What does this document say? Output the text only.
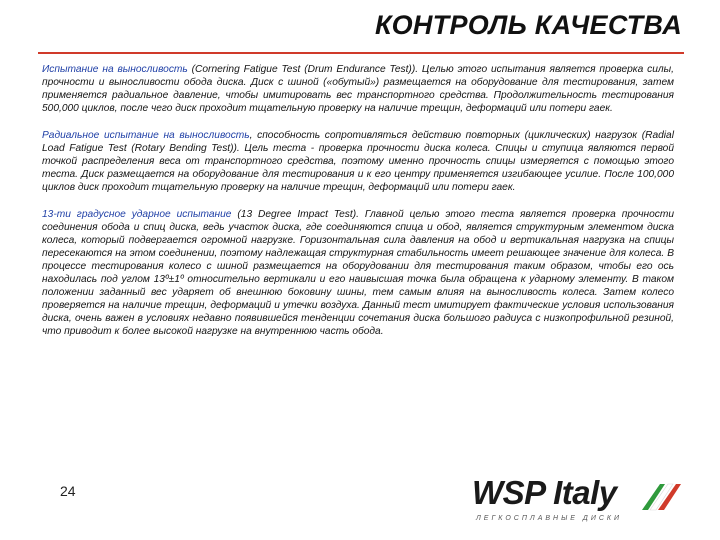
КОНТРОЛЬ КАЧЕСТВА

Испытание на выносливость (Cornering Fatigue Test (Drum Endurance Test)). Целью этого испытания является проверка силы, прочности и выносливости обода диска. Диск с шиной («обутый») размещается на оборудование для тестирования, затем применяется радиальное давление, чтобы имитировать вес транспортного средства. Продолжительность тестирования 500,000 циклов, после чего диск проходит тщательную проверку на наличие трещин, деформаций или потери гаек.

Радиальное испытание на выносливость, способность сопротивляться действию повторных (циклических) нагрузок (Radial Load Fatigue Test (Rotary Bending Test)). Цель теста - проверка прочности диска колеса. Спицы и ступица являются первой точкой распределения веса от транспортного средства, поэтому именно прочность спицы измеряется с помощью этого теста. Диск размещается на оборудование для тестирования и к его центру применяется изгибающее усилие. После 100,000 циклов диск проходит тщательную проверку на наличие трещин, деформаций или потери гаек.

13-ти градусное ударное испытание (13 Degree Impact Test). Главной целью этого теста является проверка прочности соединения обода и спиц диска, ведь участок диска, где соединяются спица и обод, является структурным элементом диска колеса, который подвергается огромной нагрузке. Горизонтальная сила давления на обод и вертикальная нагрузка на спицы пересекаются на этом соединении, поэтому надлежащая структурная стабильность имеет решающее значение для колеса. В процессе тестирования колесо с шиной размещается на оборудовании для тестирования таким образом, чтобы его ось находилась под углом 13º±1º относительно вертикали и его наивысшая точка была обращена к ударному элементу. В таком положении заданный вес ударяет об внешнюю боковину шины, тем самым влияя на выносливость колеса. Затем колесо проверяется на наличие трещин, деформаций и утечки воздуха. Данный тест имитирует фактические условия использования диска, очень важен в условиях недавно появившейся тенденции сочетания диска большого радиуса с низкопрофильной резиной, что приводит к более высокой нагрузке на внутреннюю часть обода.

24	WSP Italy
ЛЕГКОСПЛАВНЫЕ ДИСКИ
